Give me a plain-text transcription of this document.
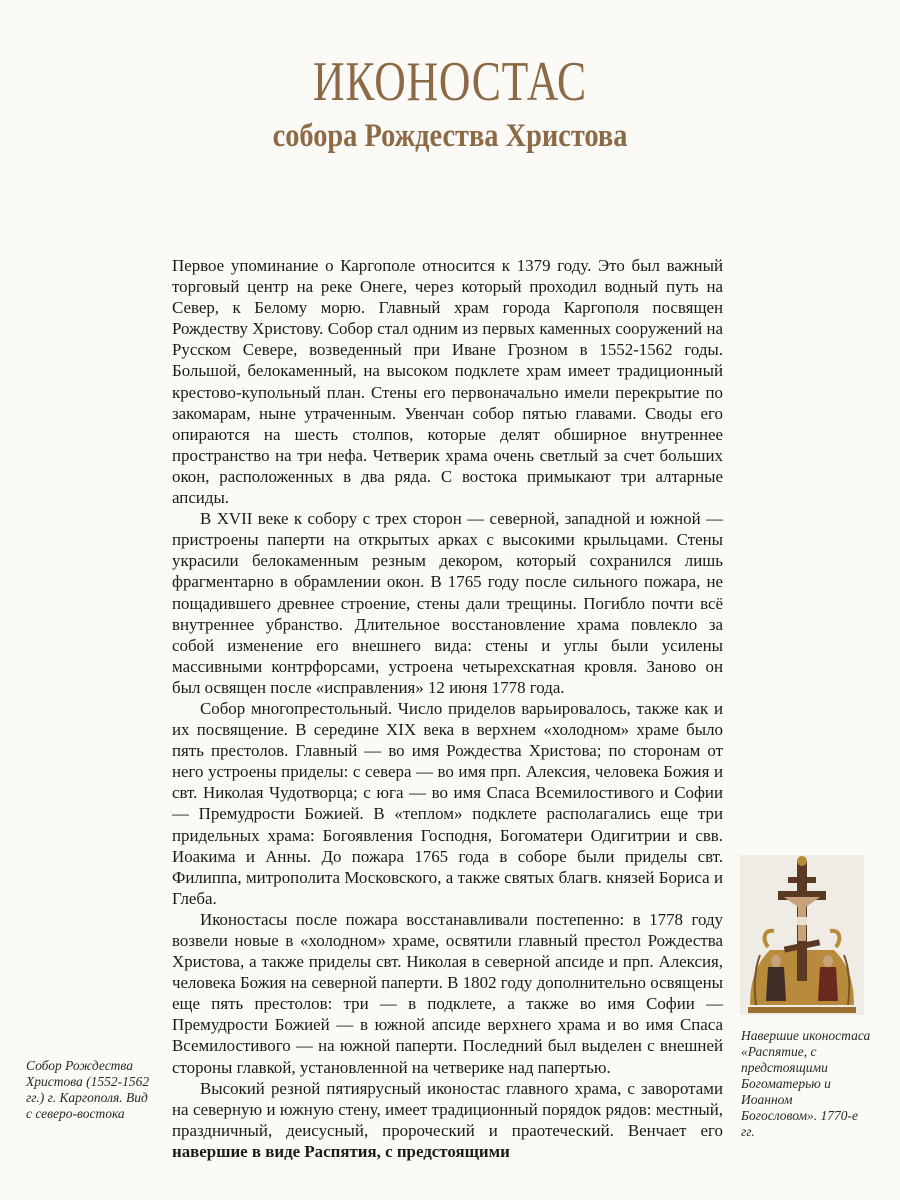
ИКОНОСТАС
собора Рождества Христова

Первое упоминание о Каргополе относится к 1379 году. Это был важный торговый центр на реке Онеге, через который проходил водный путь на Север, к Белому морю. Главный храм города Каргополя посвящен Рождеству Христову. Собор стал одним из первых каменных сооружений на Русском Севере, возведенный при Иване Грозном в 1552-1562 годы. Большой, белокаменный, на высоком подклете храм имеет традиционный крестово-купольный план. Стены его первоначально имели перекрытие по закомарам, ныне утраченным. Увенчан собор пятью главами. Своды его опираются на шесть столпов, которые делят обширное внутреннее пространство на три нефа. Четверик храма очень светлый за счет больших окон, расположенных в два ряда. С востока примыкают три алтарные апсиды.

В XVII веке к собору с трех сторон — северной, западной и южной — пристроены паперти на открытых арках с высокими крыльцами. Стены украсили белокаменным резным декором, который сохранился лишь фрагментарно в обрамлении окон. В 1765 году после сильного пожара, не пощадившего древнее строение, стены дали трещины. Погибло почти всё внутреннее убранство. Длительное восстановление храма повлекло за собой изменение его внешнего вида: стены и углы были усилены массивными контрфорсами, устроена четырехскатная кровля. Заново он был освящен после «исправления» 12 июня 1778 года.

Собор многопрестольный. Число приделов варьировалось, также как и их посвящение. В середине XIX века в верхнем «холодном» храме было пять престолов. Главный — во имя Рождества Христова; по сторонам от него устроены приделы: с севера — во имя прп. Алексия, человека Божия и свт. Николая Чудотворца; с юга — во имя Спаса Всемилостивого и Софии — Премудрости Божией. В «теплом» подклете располагались еще три придельных храма: Богоявления Господня, Богоматери Одигитрии и свв. Иоакима и Анны. До пожара 1765 года в соборе были приделы свт. Филиппа, митрополита Московского, а также святых благв. князей Бориса и Глеба.

Иконостасы после пожара восстанавливали постепенно: в 1778 году возвели новые в «холодном» храме, освятили главный престол Рождества Христова, а также приделы свт. Николая в северной апсиде и прп. Алексия, человека Божия на северной паперти. В 1802 году дополнительно освящены еще пять престолов: три — в подклете, а также во имя Софии — Премудрости Божией — в южной апсиде верхнего храма и во имя Спаса Всемилостивого — на южной паперти. Последний был выделен с внешней стороны главкой, установленной на четверике над папертью.

Высокий резной пятиярусный иконостас главного храма, с заворотами на северную и южную стену, имеет традиционный порядок рядов: местный, праздничный, деисусный, пророческий и праотеческий. Венчает его навершие в виде Распятия, с предстоящими

Собор Рождества Христова (1552-1562 гг.) г. Каргополя. Вид с северо-востока
Навершие иконостаса «Распятие, с предстоящими Богоматерью и Иоанном Богословом». 1770-е гг.
